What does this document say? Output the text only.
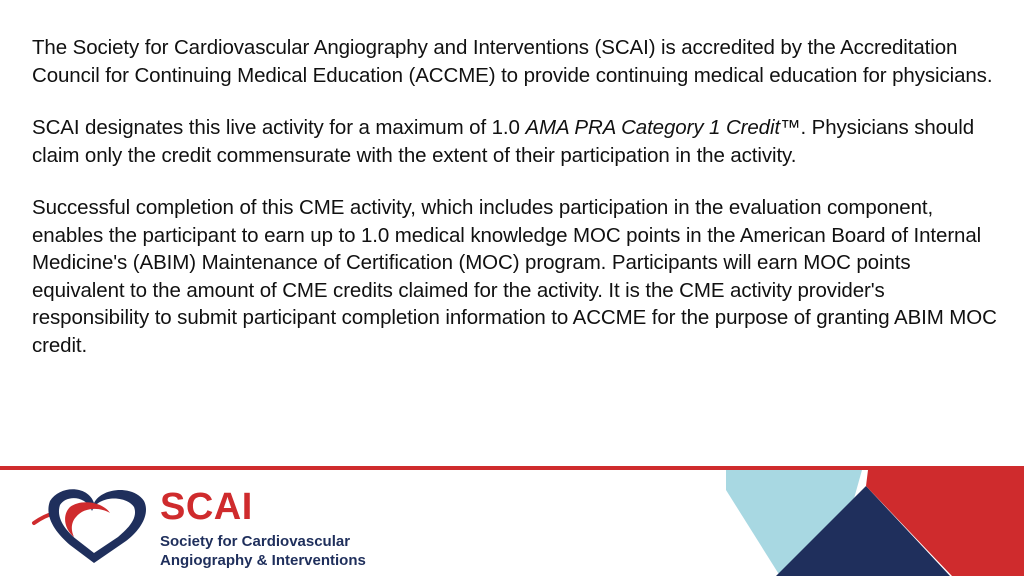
The Society for Cardiovascular Angiography and Interventions (SCAI) is accredited by the Accreditation Council for Continuing Medical Education (ACCME) to provide continuing medical education for physicians.

SCAI designates this live activity for a maximum of 1.0 AMA PRA Category 1 Credit™. Physicians should claim only the credit commensurate with the extent of their participation in the activity.

Successful completion of this CME activity, which includes participation in the evaluation component, enables the participant to earn up to 1.0 medical knowledge MOC points in the American Board of Internal Medicine's (ABIM) Maintenance of Certification (MOC) program. Participants will earn MOC points equivalent to the amount of CME credits claimed for the activity. It is the CME activity provider's responsibility to submit participant completion information to ACCME for the purpose of granting ABIM MOC credit.

SCAI
Society for Cardiovascular
Angiography & Interventions
